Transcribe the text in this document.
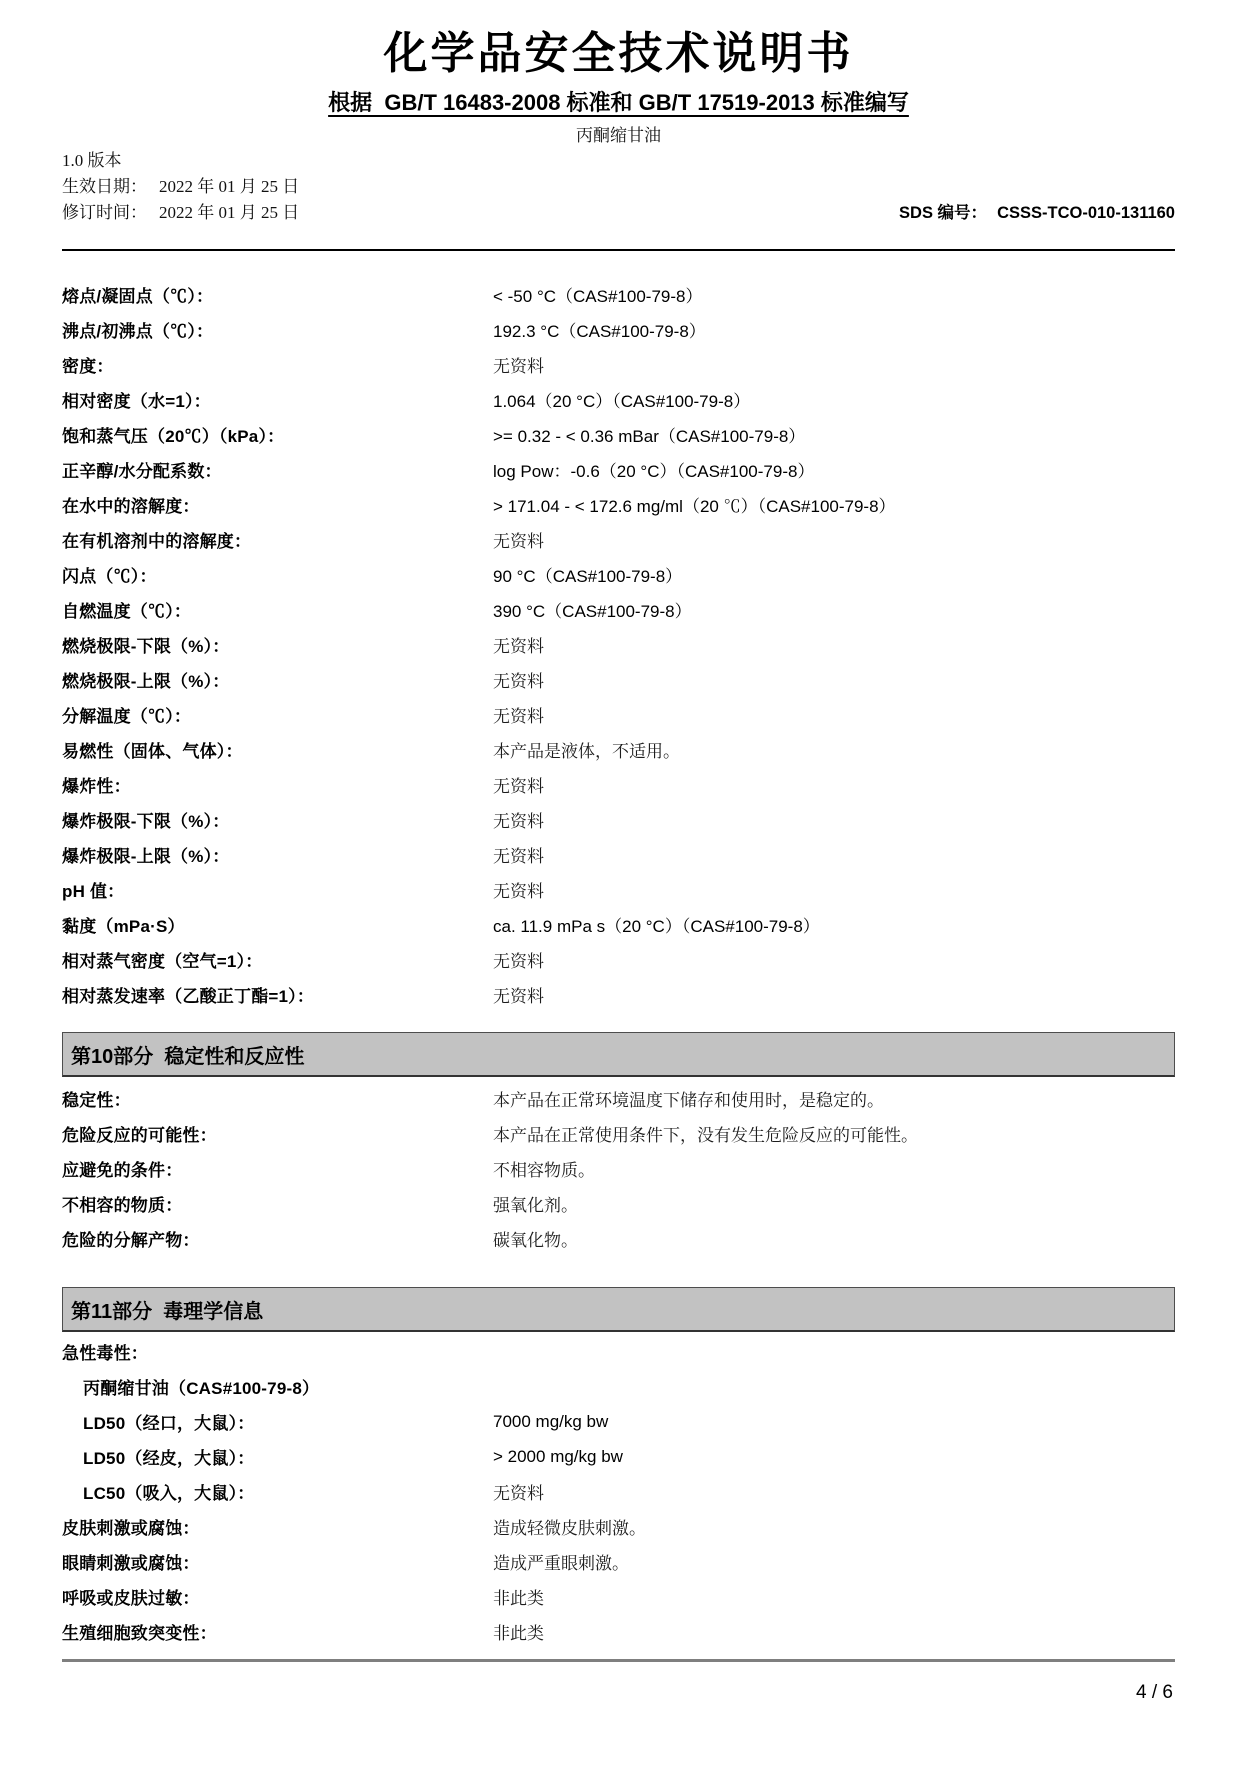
化学品安全技术说明书
根据  GB/T 16483-2008 标准和 GB/T 17519-2013 标准编写
丙酮缩甘油
1.0 版本
生效日期： 2022 年 01 月 25 日
修订时间： 2022 年 01 月 25 日	SDS 编号： CSSS-TCO-010-131160
熔点/凝固点（℃）：	< -50 °C（CAS#100-79-8）
沸点/初沸点（℃）：	192.3 °C（CAS#100-79-8）
密度：	无资料
相对密度（水=1）：	1.064（20 °C）（CAS#100-79-8）
饱和蒸气压（20℃）（kPa）：	>= 0.32 - < 0.36 mBar（CAS#100-79-8）
正辛醇/水分配系数：	log Pow：-0.6（20 °C）（CAS#100-79-8）
在水中的溶解度：	> 171.04 - < 172.6 mg/ml（20 ℃）（CAS#100-79-8）
在有机溶剂中的溶解度：	无资料
闪点（℃）：	90 °C（CAS#100-79-8）
自燃温度（℃）：	390 °C（CAS#100-79-8）
燃烧极限-下限（%）：	无资料
燃烧极限-上限（%）：	无资料
分解温度（℃）：	无资料
易燃性（固体、气体）：	本产品是液体，不适用。
爆炸性：	无资料
爆炸极限-下限（%）：	无资料
爆炸极限-上限（%）：	无资料
pH 值：	无资料
黏度（mPa·S）	ca. 11.9 mPa s（20 °C）（CAS#100-79-8）
相对蒸气密度（空气=1）：	无资料
相对蒸发速率（乙酸正丁酯=1）：	无资料
第10部分  稳定性和反应性
稳定性：	本产品在正常环境温度下储存和使用时，是稳定的。
危险反应的可能性：	本产品在正常使用条件下，没有发生危险反应的可能性。
应避免的条件：	不相容物质。
不相容的物质：	强氧化剂。
危险的分解产物：	碳氧化物。
第11部分  毒理学信息
急性毒性：
丙酮缩甘油（CAS#100-79-8）
LD50（经口，大鼠）：	7000 mg/kg bw
LD50（经皮，大鼠）：	> 2000 mg/kg bw
LC50（吸入，大鼠）：	无资料
皮肤刺激或腐蚀：	造成轻微皮肤刺激。
眼睛刺激或腐蚀：	造成严重眼刺激。
呼吸或皮肤过敏：	非此类
生殖细胞致突变性：	非此类
4 / 6
